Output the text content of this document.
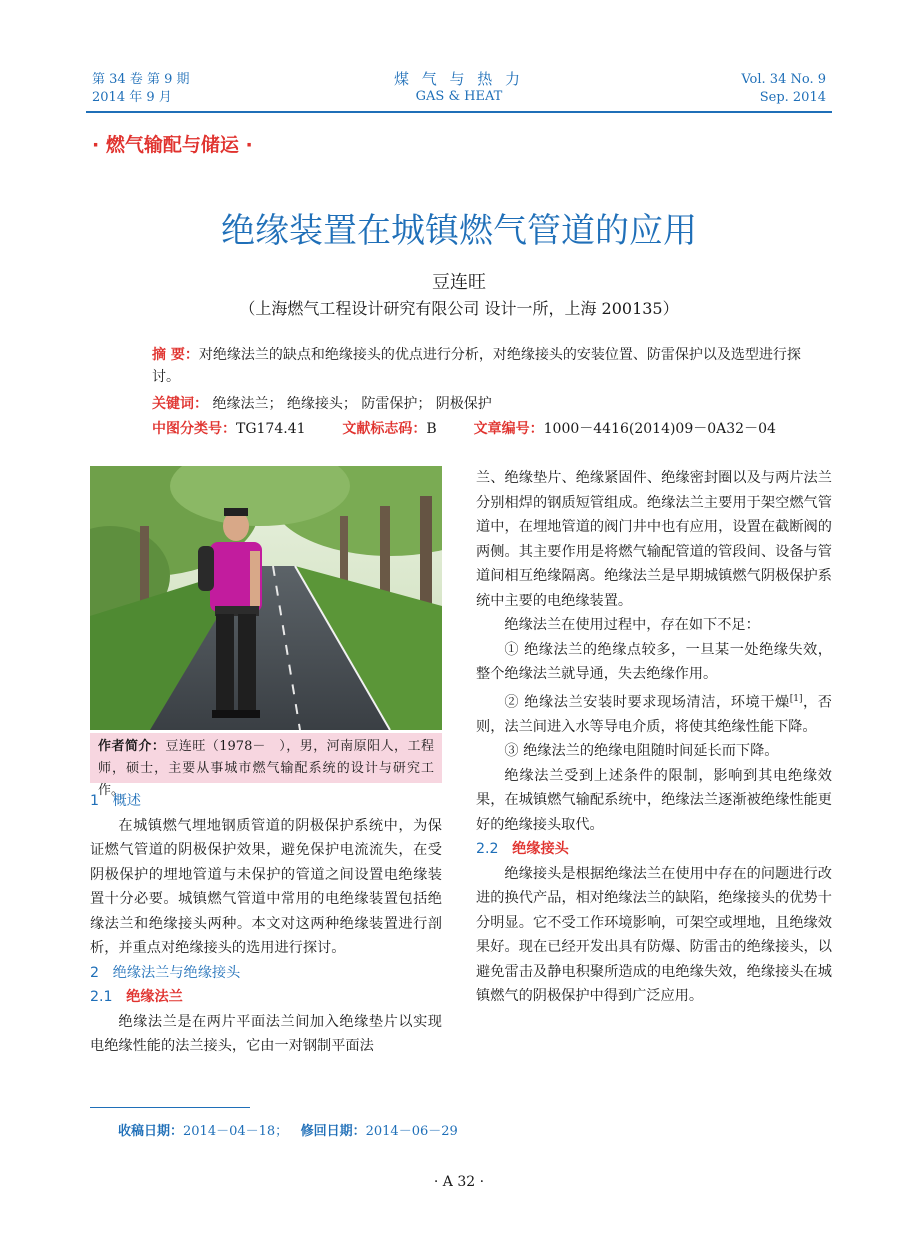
第 34 卷 第 9 期
2014 年 9 月
煤 气 与 热 力
GAS & HEAT
Vol. 34 No. 9
Sep. 2014
· 燃气输配与储运 ·
绝缘装置在城镇燃气管道的应用
豆连旺
（上海燃气工程设计研究有限公司 设计一所，上海 200135）
摘 要：对绝缘法兰的缺点和绝缘接头的优点进行分析，对绝缘接头的安装位置、防雷保护以及选型进行探讨。
关键词： 绝缘法兰； 绝缘接头； 防雷保护； 阴极保护
中图分类号：TG174.41	文献标志码：B	文章编号：1000－4416(2014)09－0A32－04
作者简介：豆连旺（1978－　），男，河南原阳人，工程师，硕士，主要从事城市燃气输配系统的设计与研究工作。

1 概述

在城镇燃气埋地钢质管道的阴极保护系统中，为保证燃气管道的阴极保护效果，避免保护电流流失，在受阴极保护的埋地管道与未保护的管道之间设置电绝缘装置十分必要。城镇燃气管道中常用的电绝缘装置包括绝缘法兰和绝缘接头两种。本文对这两种绝缘装置进行剖析，并重点对绝缘接头的选用进行探讨。

2 绝缘法兰与绝缘接头

2.1 绝缘法兰

绝缘法兰是在两片平面法兰间加入绝缘垫片以实现电绝缘性能的法兰接头，它由一对钢制平面法

兰、绝缘垫片、绝缘紧固件、绝缘密封圈以及与两片法兰分别相焊的钢质短管组成。绝缘法兰主要用于架空燃气管道中，在埋地管道的阀门井中也有应用，设置在截断阀的两侧。其主要作用是将燃气输配管道的管段间、设备与管道间相互绝缘隔离。绝缘法兰是早期城镇燃气阴极保护系统中主要的电绝缘装置。

绝缘法兰在使用过程中，存在如下不足：

① 绝缘法兰的绝缘点较多，一旦某一处绝缘失效，整个绝缘法兰就导通，失去绝缘作用。

② 绝缘法兰安装时要求现场清洁，环境干燥[1]，否则，法兰间进入水等导电介质，将使其绝缘性能下降。

③ 绝缘法兰的绝缘电阻随时间延长而下降。

绝缘法兰受到上述条件的限制，影响到其电绝缘效果，在城镇燃气输配系统中，绝缘法兰逐渐被绝缘性能更好的绝缘接头取代。

2.2 绝缘接头

绝缘接头是根据绝缘法兰在使用中存在的问题进行改进的换代产品，相对绝缘法兰的缺陷，绝缘接头的优势十分明显。它不受工作环境影响，可架空或埋地，且绝缘效果好。现在已经开发出具有防爆、防雷击的绝缘接头，以避免雷击及静电积聚所造成的电绝缘失效，绝缘接头在城镇燃气的阴极保护中得到广泛应用。

收稿日期：2014－04－18； 修回日期：2014－06－29
· A 32 ·
